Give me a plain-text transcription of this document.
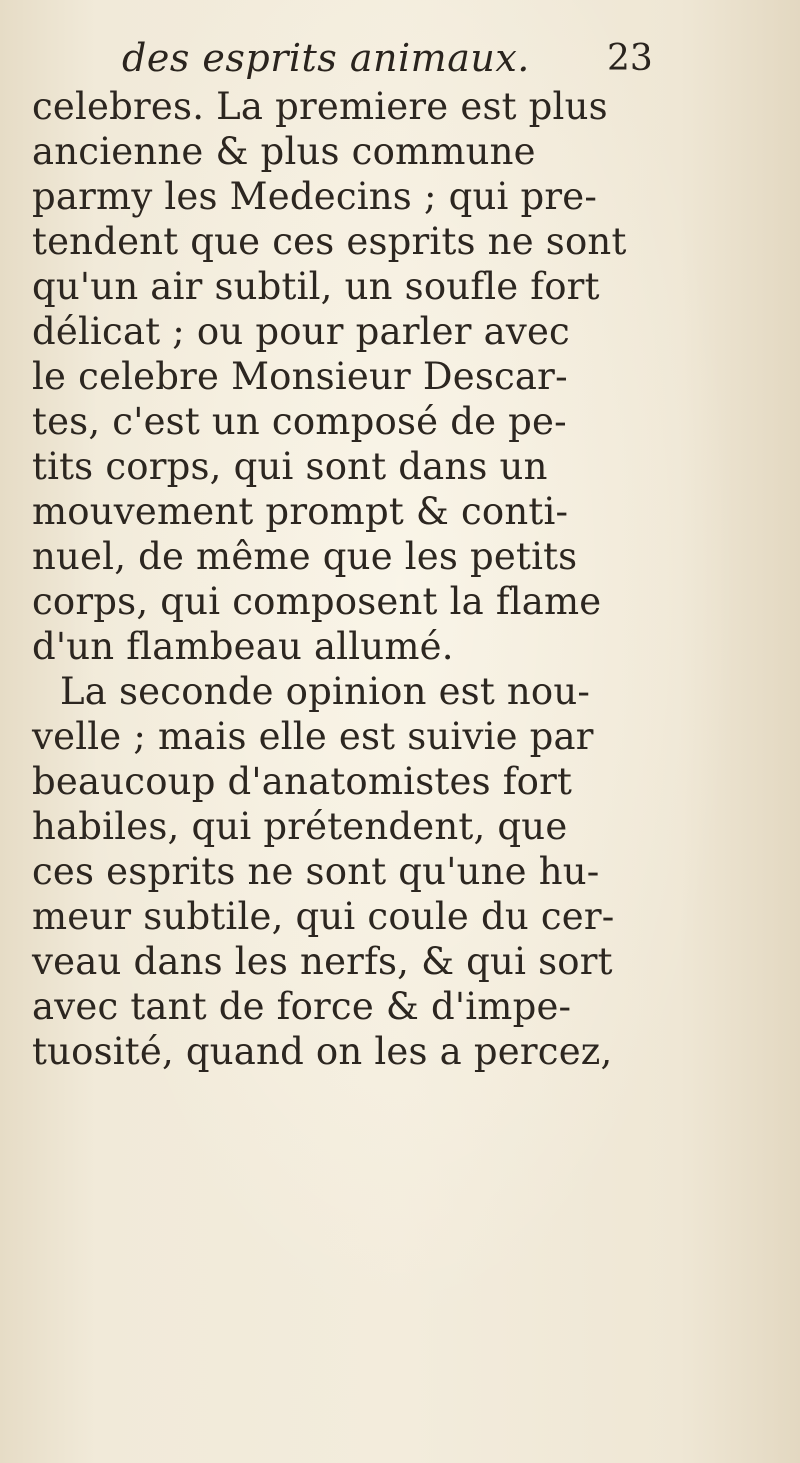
des esprits animaux. 23
celebres. La premiere est plus
ancienne & plus commune
parmy les Medecins ; qui pre-
tendent que ces esprits ne sont
qu'un air subtil, un soufle fort
délicat ; ou pour parler avec
le celebre Monsieur Descar-
tes, c'est un composé de pe-
tits corps, qui sont dans un
mouvement prompt & conti-
nuel, de même que les petits
corps, qui composent la flame
d'un flambeau allumé.
La seconde opinion est nou-
velle ; mais elle est suivie par
beaucoup d'anatomistes fort
habiles, qui prétendent, que
ces esprits ne sont qu'une hu-
meur subtile, qui coule du cer-
veau dans les nerfs, & qui sort
avec tant de force & d'impe-
tuosité, quand on les a percez,
